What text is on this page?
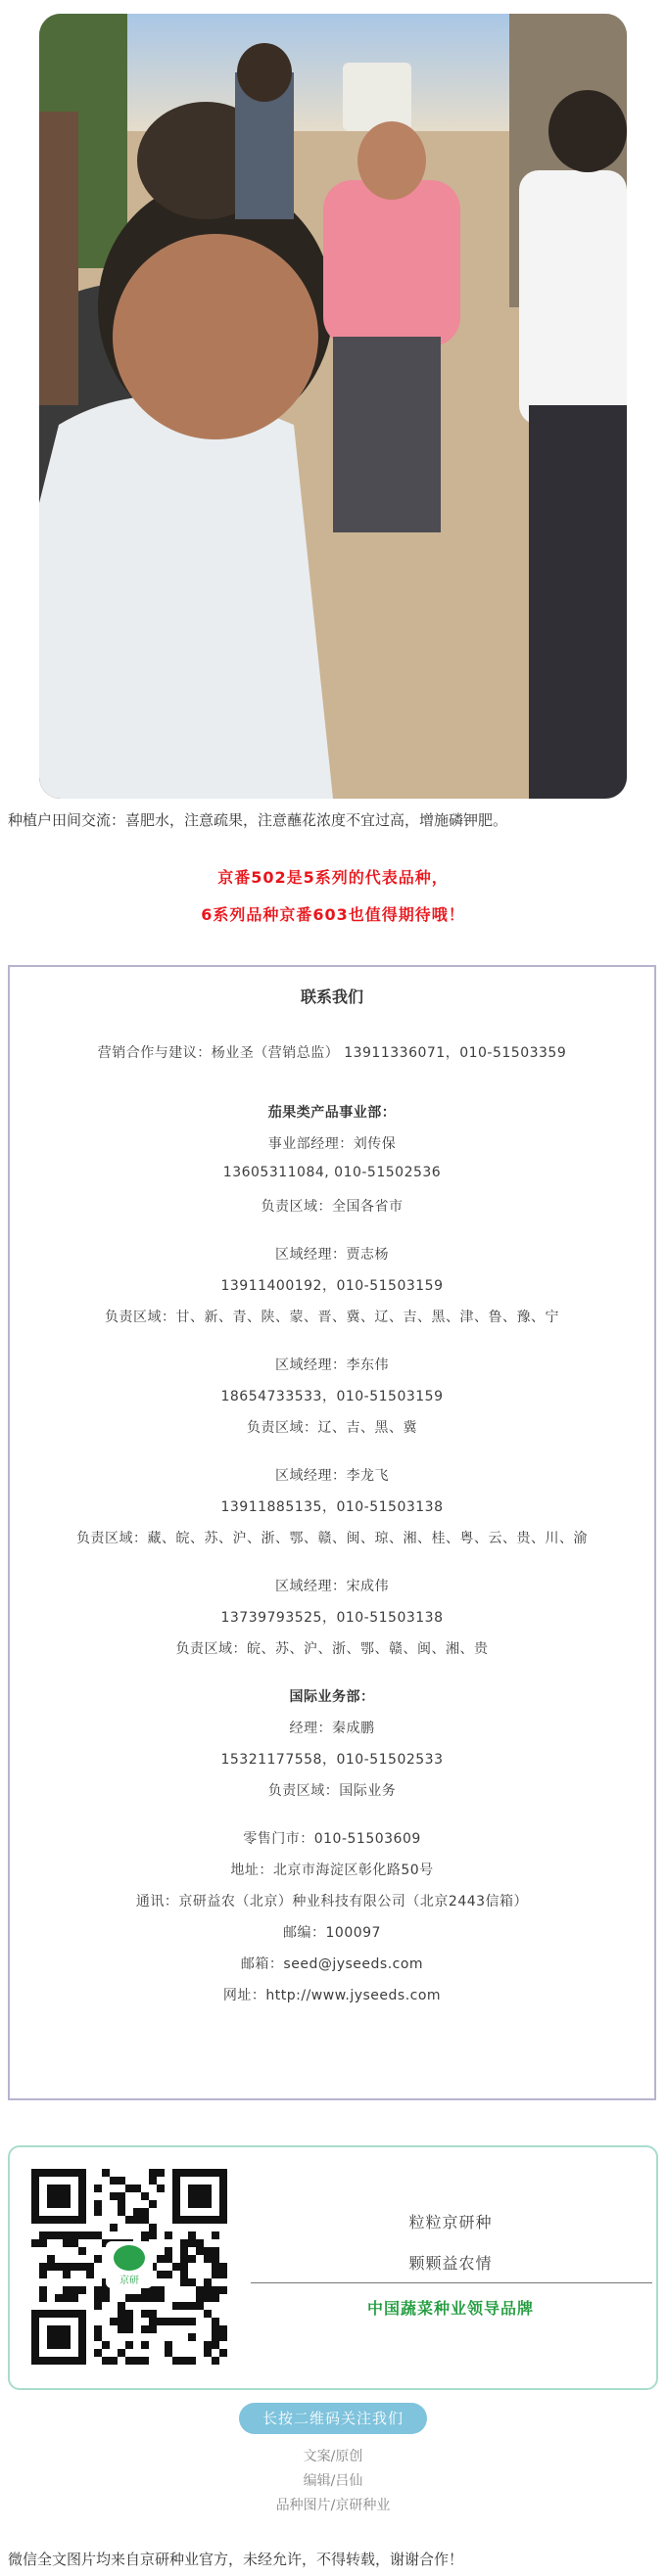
种植户田间交流：喜肥水，注意疏果，注意蘸花浓度不宜过高，增施磷钾肥。
京番502是5系列的代表品种，
6系列品种京番603也值得期待哦！
联系我们
营销合作与建议：杨业圣（营销总监） 13911336071，010-51503359
茄果类产品事业部：
事业部经理：刘传保
13605311084, 010-51502536
负责区域：全国各省市
区域经理：贾志杨
13911400192，010-51503159
负责区域：甘、新、青、陕、蒙、晋、冀、辽、吉、黑、津、鲁、豫、宁
区域经理：李东伟
18654733533，010-51503159
负责区域：辽、吉、黑、冀
区域经理：李龙飞
13911885135，010-51503138
负责区域：藏、皖、苏、沪、浙、鄂、赣、闽、琼、湘、桂、粤、云、贵、川、渝
区域经理：宋成伟
13739793525，010-51503138
负责区域：皖、苏、沪、浙、鄂、赣、闽、湘、贵
国际业务部：
经理：秦成鹏
15321177558，010-51502533
负责区域：国际业务
零售门市：010-51503609
地址：北京市海淀区彰化路50号
通讯：京研益农（北京）种业科技有限公司（北京2443信箱）
邮编：100097
邮箱：seed@jyseeds.com
网址：http://www.jyseeds.com
京研
粒粒京研种
颗颗益农情
中国蔬菜种业领导品牌
长按二维码关注我们
文案/原创
编辑/吕仙
品种图片/京研种业
微信全文图片均来自京研种业官方，未经允许，不得转载，谢谢合作！
